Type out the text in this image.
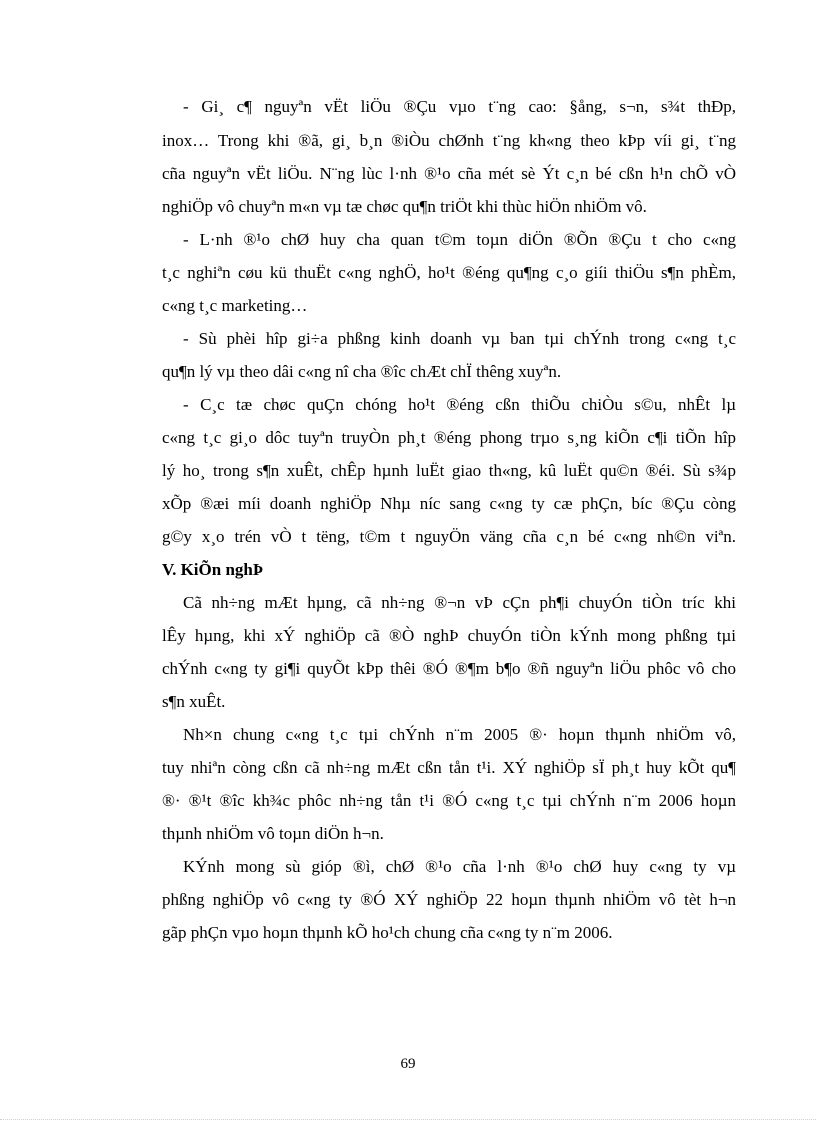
- Gi¸ c¶ nguyªn vËt liÖu ®Çu vµo t¨ng cao: §ång, s¬n, s¾t thÐp,
inox… Trong khi ®ã, gi¸ b¸n ®iÒu chØnh t¨ng kh«ng theo kÞp víi gi¸ t¨ng
cña nguyªn vËt liÖu. N¨ng lùc l·nh ®¹o cña mét sè Ýt c¸n bé cßn h¹n chÕ vÒ
nghiÖp vô chuyªn m«n vµ tæ chøc qu¶n triÖt khi thùc hiÖn nhiÖm vô.
- L·nh ®¹o chØ huy cha quan t©m toµn diÖn ®Õn ®Çu t cho c«ng
t¸c nghiªn cøu kü thuËt c«ng nghÖ, ho¹t ®éng qu¶ng c¸o giíi thiÖu s¶n phÈm,
c«ng t¸c marketing…
- Sù phèi hîp gi÷a phßng kinh doanh vµ ban tµi chÝnh trong c«ng t¸c
qu¶n lý vµ theo dâi c«ng nî cha ®îc chÆt chÏ thêng xuyªn.
- C¸c tæ chøc quÇn chóng ho¹t ®éng cßn thiÕu chiÒu s©u, nhÊt lµ
c«ng t¸c gi¸o dôc tuyªn truyÒn ph¸t ®éng phong trµo s¸ng kiÕn c¶i tiÕn hîp
lý ho¸ trong s¶n xuÊt, chÊp hµnh luËt giao th«ng, kû luËt qu©n ®éi. Sù s¾p
xÕp ®æi míi doanh nghiÖp Nhµ níc sang c«ng ty cæ phÇn, bíc ®Çu còng
g©y x¸o trén vÒ t tëng, t©m t nguyÖn väng cña c¸n bé c«ng nh©n viªn.
V. KiÕn nghÞ
Cã nh÷ng mÆt hµng, cã nh÷ng ®¬n vÞ cÇn ph¶i chuyÓn tiÒn tríc khi
lÊy hµng, khi xÝ nghiÖp cã ®Ò nghÞ chuyÓn tiÒn kÝnh mong phßng tµi
chÝnh c«ng ty gi¶i quyÕt kÞp thêi ®Ó ®¶m b¶o ®ñ nguyªn liÖu phôc vô cho
s¶n xuÊt.
Nh×n chung c«ng t¸c tµi chÝnh n¨m 2005 ®· hoµn thµnh nhiÖm vô,
tuy nhiªn còng cßn cã nh÷ng mÆt cßn tån t¹i. XÝ nghiÖp sÏ ph¸t huy kÕt qu¶
®· ®¹t ®îc kh¾c phôc nh÷ng tån t¹i ®Ó c«ng t¸c tµi chÝnh n¨m 2006 hoµn
thµnh nhiÖm vô toµn diÖn h¬n.
KÝnh mong sù gióp ®ì, chØ ®¹o cña l·nh ®¹o chØ huy c«ng ty vµ
phßng nghiÖp vô c«ng ty ®Ó XÝ nghiÖp 22 hoµn thµnh nhiÖm vô tèt h¬n
gãp phÇn vµo hoµn thµnh kÕ ho¹ch chung cña c«ng ty n¨m 2006.
69
